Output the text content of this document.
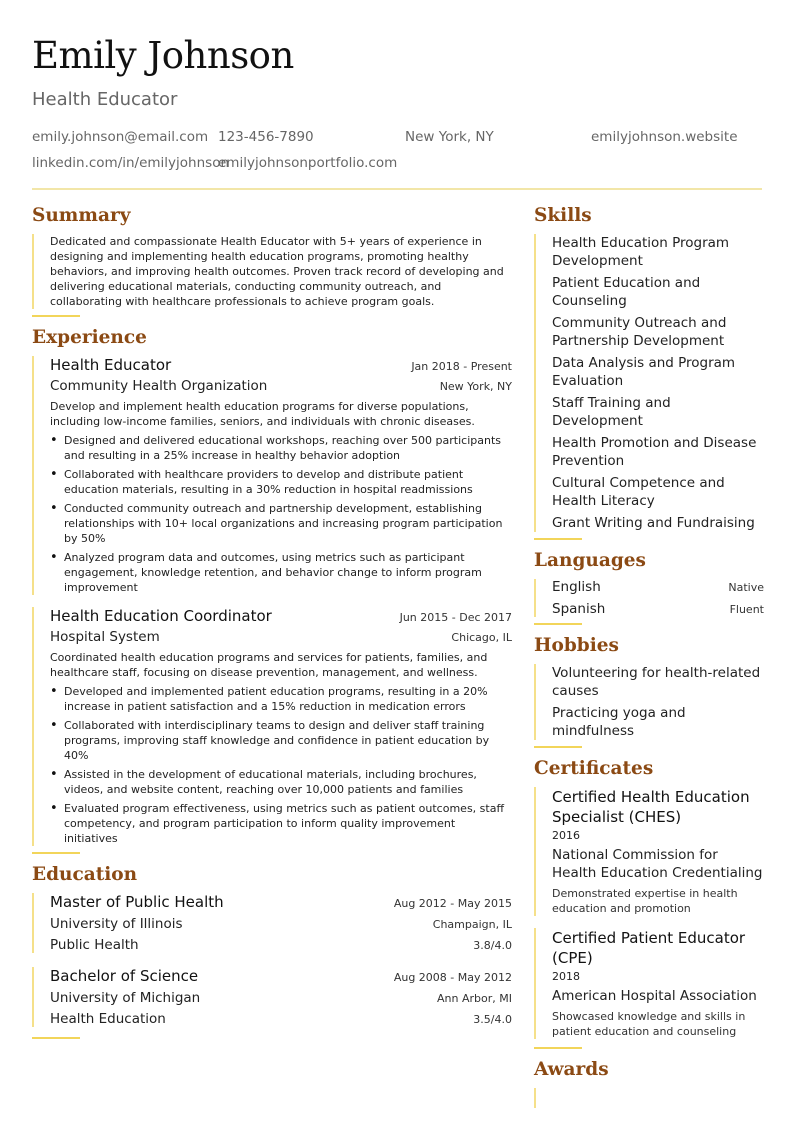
Emily Johnson
Health Educator
emily.johnson@email.com 123-456-7890	New York, NY	emilyjohnson.website
linkedin.com/in/emilyjohnson
emilyjohnsonportfolio.com
Summary
Dedicated and compassionate Health Educator with 5+ years of experience in designing and implementing health education programs, promoting healthy behaviors, and improving health outcomes. Proven track record of developing and delivering educational materials, conducting community outreach, and collaborating with healthcare professionals to achieve program goals.
Experience
Health Educator	Jan 2018 - Present
Community Health Organization	New York, NY
Develop and implement health education programs for diverse populations, including low-income families, seniors, and individuals with chronic diseases.
• Designed and delivered educational workshops, reaching over 500 participants and resulting in a 25% increase in healthy behavior adoption
• Collaborated with healthcare providers to develop and distribute patient education materials, resulting in a 30% reduction in hospital readmissions
• Conducted community outreach and partnership development, establishing relationships with 10+ local organizations and increasing program participation by 50%
• Analyzed program data and outcomes, using metrics such as participant engagement, knowledge retention, and behavior change to inform program improvement
Health Education Coordinator	Jun 2015 - Dec 2017
Hospital System	Chicago, IL
Coordinated health education programs and services for patients, families, and healthcare staff, focusing on disease prevention, management, and wellness.
• Developed and implemented patient education programs, resulting in a 20% increase in patient satisfaction and a 15% reduction in medication errors
• Collaborated with interdisciplinary teams to design and deliver staff training programs, improving staff knowledge and confidence in patient education by 40%
• Assisted in the development of educational materials, including brochures, videos, and website content, reaching over 10,000 patients and families
• Evaluated program effectiveness, using metrics such as patient outcomes, staff competency, and program participation to inform quality improvement initiatives
Education
Master of Public Health	Aug 2012 - May 2015
University of Illinois	Champaign, IL
Public Health	3.8/4.0
Bachelor of Science	Aug 2008 - May 2012
University of Michigan	Ann Arbor, MI
Health Education	3.5/4.0
Skills
Health Education Program Development
Patient Education and Counseling
Community Outreach and Partnership Development
Data Analysis and Program Evaluation
Staff Training and Development
Health Promotion and Disease Prevention
Cultural Competence and Health Literacy
Grant Writing and Fundraising
Languages
English	Native
Spanish	Fluent
Hobbies
Volunteering for health-related causes
Practicing yoga and mindfulness
Certificates
Certified Health Education Specialist (CHES)
2016
National Commission for Health Education Credentialing
Demonstrated expertise in health education and promotion
Certified Patient Educator (CPE)
2018
American Hospital Association
Showcased knowledge and skills in patient education and counseling
Awards
